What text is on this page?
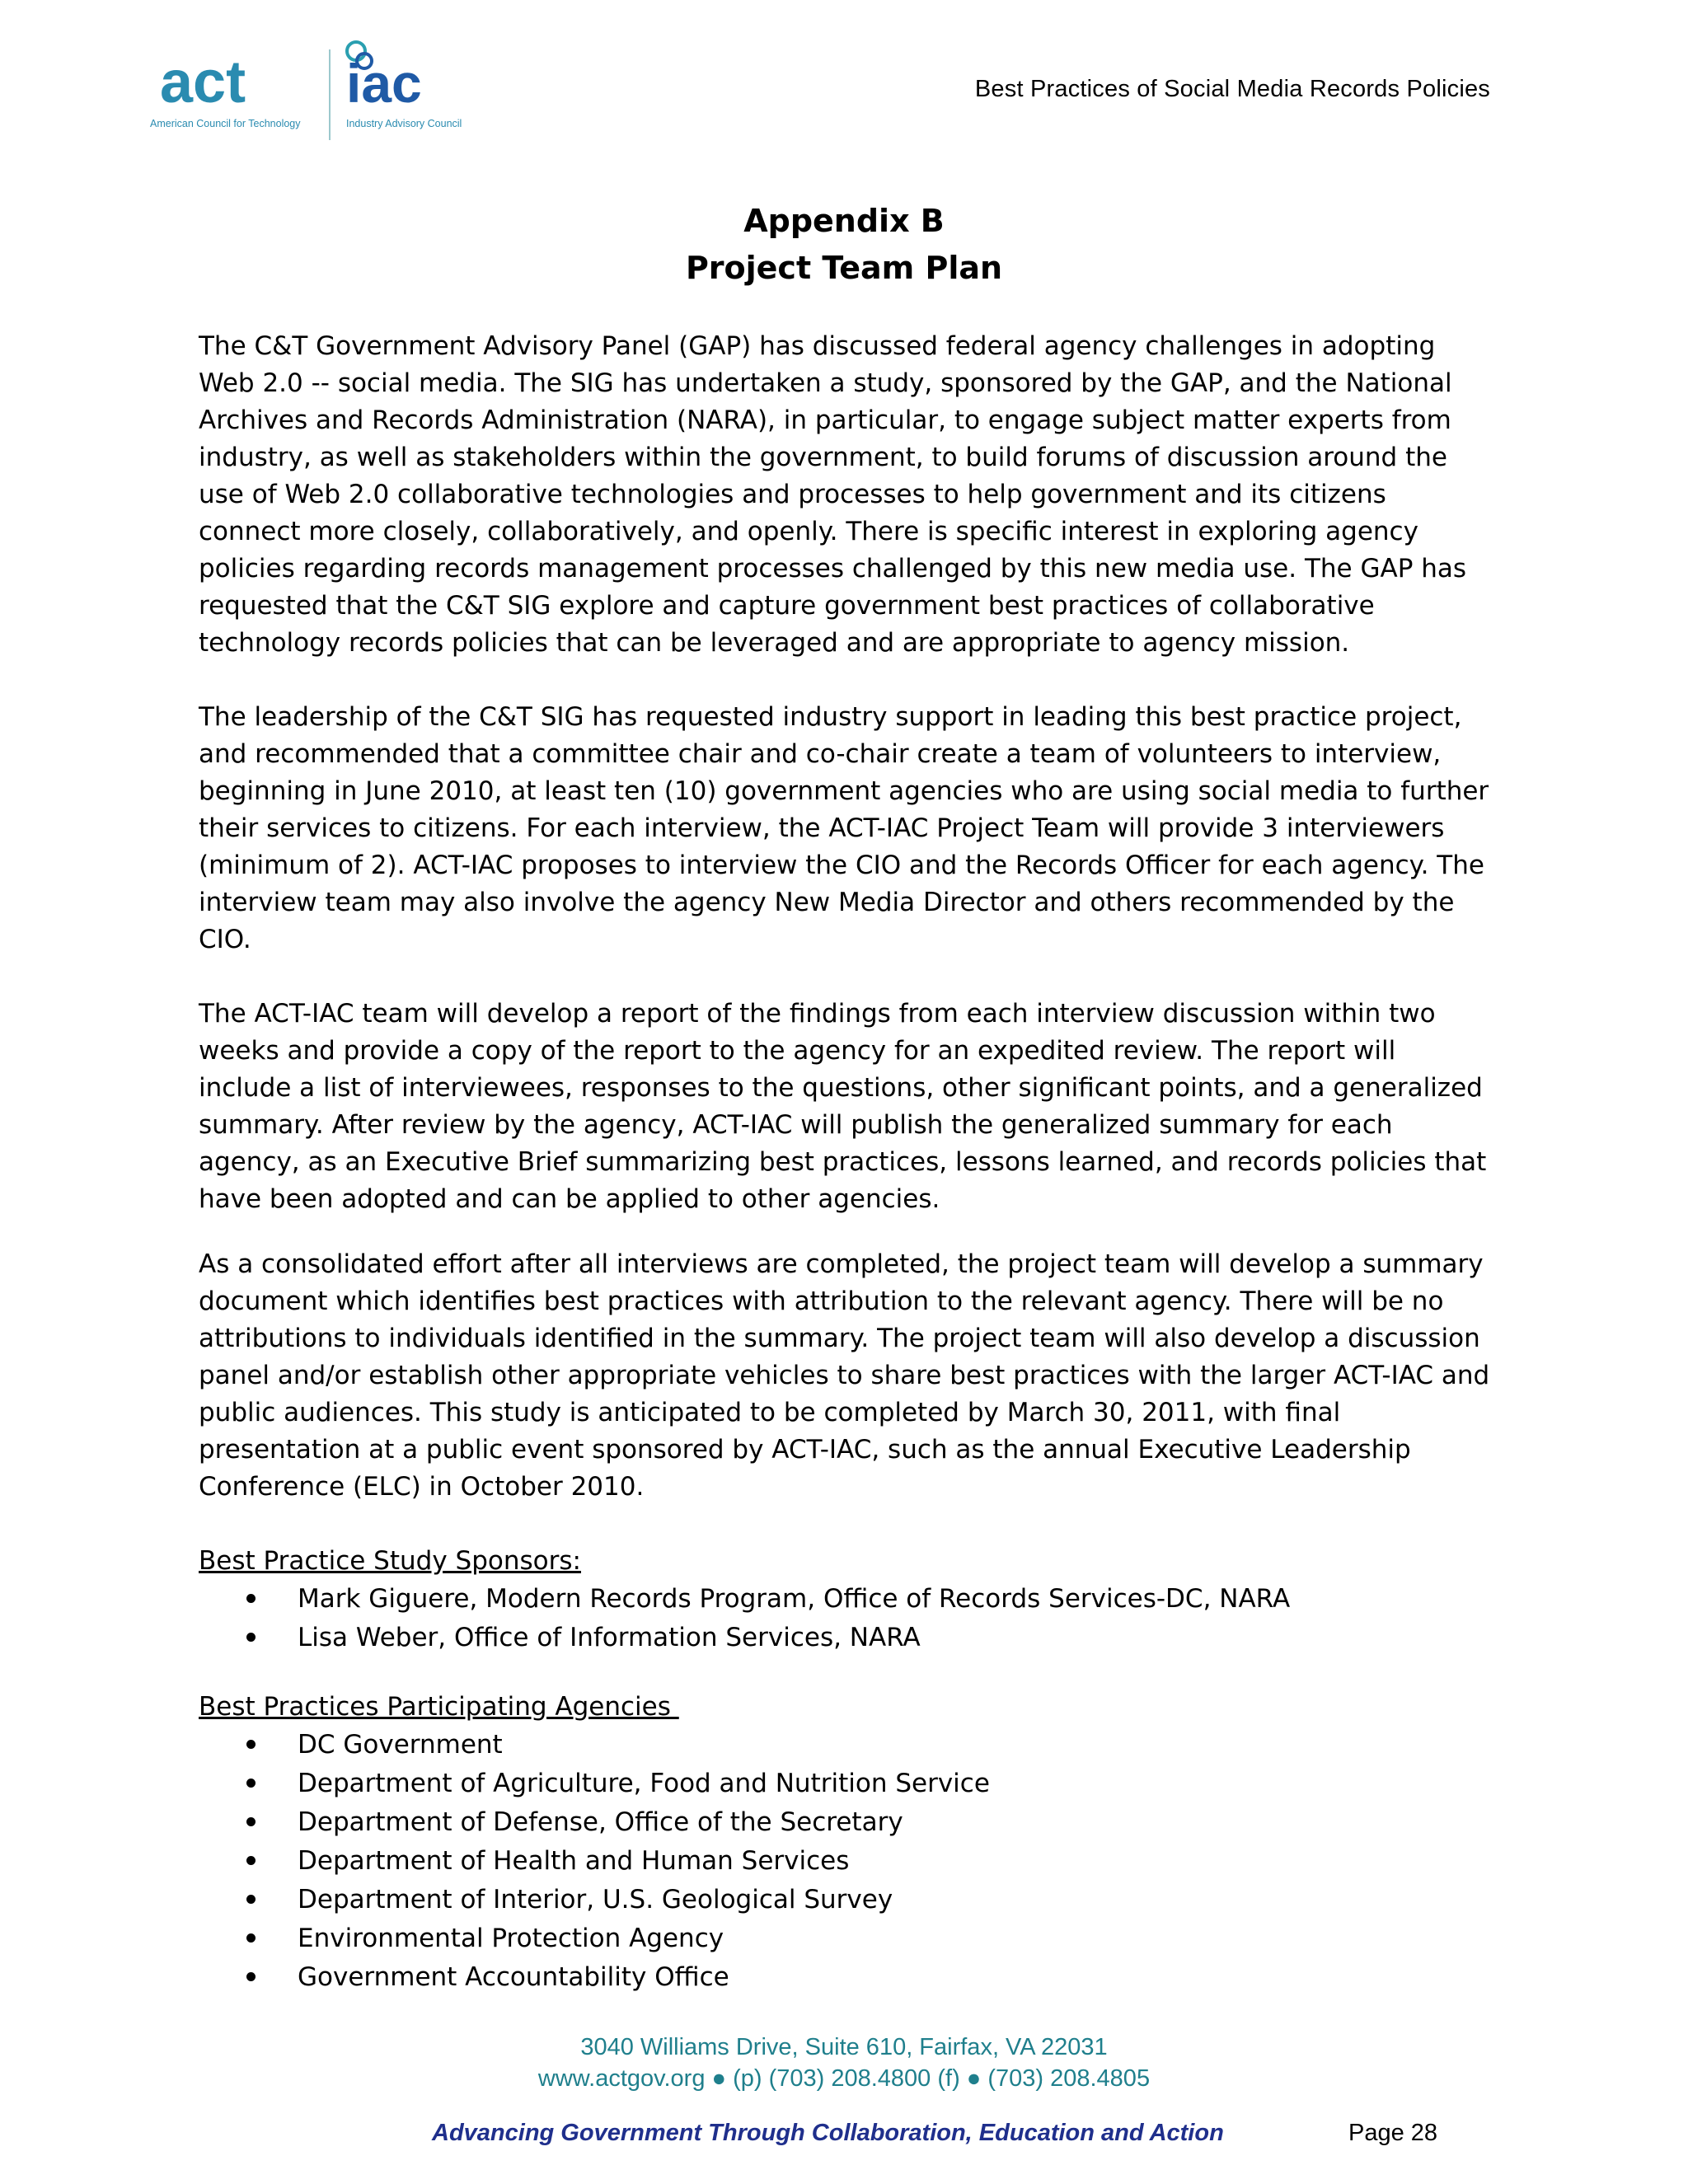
act
American Council for Technology
iac
Industry Advisory Council
Best Practices of Social Media Records Policies
Appendix B
Project Team Plan

The C&T Government Advisory Panel (GAP) has discussed federal agency challenges in adopting Web 2.0 -- social media. The SIG has undertaken a study, sponsored by the GAP, and the National Archives and Records Administration (NARA), in particular, to engage subject matter experts from industry, as well as stakeholders within the government, to build forums of discussion around the use of Web 2.0 collaborative technologies and processes to help government and its citizens connect more closely, collaboratively, and openly. There is specific interest in exploring agency policies regarding records management processes challenged by this new media use. The GAP has requested that the C&T SIG explore and capture government best practices of collaborative technology records policies that can be leveraged and are appropriate to agency mission.

The leadership of the C&T SIG has requested industry support in leading this best practice project, and recommended that a committee chair and co-chair create a team of volunteers to interview, beginning in June 2010, at least ten (10) government agencies who are using social media to further their services to citizens. For each interview, the ACT-IAC Project Team will provide 3 interviewers (minimum of 2). ACT-IAC proposes to interview the CIO and the Records Officer for each agency. The interview team may also involve the agency New Media Director and others recommended by the CIO.

The ACT-IAC team will develop a report of the findings from each interview discussion within two weeks and provide a copy of the report to the agency for an expedited review. The report will include a list of interviewees, responses to the questions, other significant points, and a generalized summary. After review by the agency, ACT-IAC will publish the generalized summary for each agency, as an Executive Brief summarizing best practices, lessons learned, and records policies that have been adopted and can be applied to other agencies.

As a consolidated effort after all interviews are completed, the project team will develop a summary document which identifies best practices with attribution to the relevant agency. There will be no attributions to individuals identified in the summary. The project team will also develop a discussion panel and/or establish other appropriate vehicles to share best practices with the larger ACT-IAC and public audiences. This study is anticipated to be completed by March 30, 2011, with final presentation at a public event sponsored by ACT-IAC, such as the annual Executive Leadership Conference (ELC) in October 2010.

Best Practice Study Sponsors:

Mark Giguere, Modern Records Program, Office of Records Services-DC, NARA
Lisa Weber, Office of Information Services, NARA

Best Practices Participating Agencies

DC Government
Department of Agriculture, Food and Nutrition Service
Department of Defense, Office of the Secretary
Department of Health and Human Services
Department of Interior, U.S. Geological Survey
Environmental Protection Agency
Government Accountability Office
3040 Williams Drive, Suite 610, Fairfax, VA 22031
www.actgov.org ● (p) (703) 208.4800 (f) ● (703) 208.4805
Advancing Government Through Collaboration, Education and Action	Page 28
